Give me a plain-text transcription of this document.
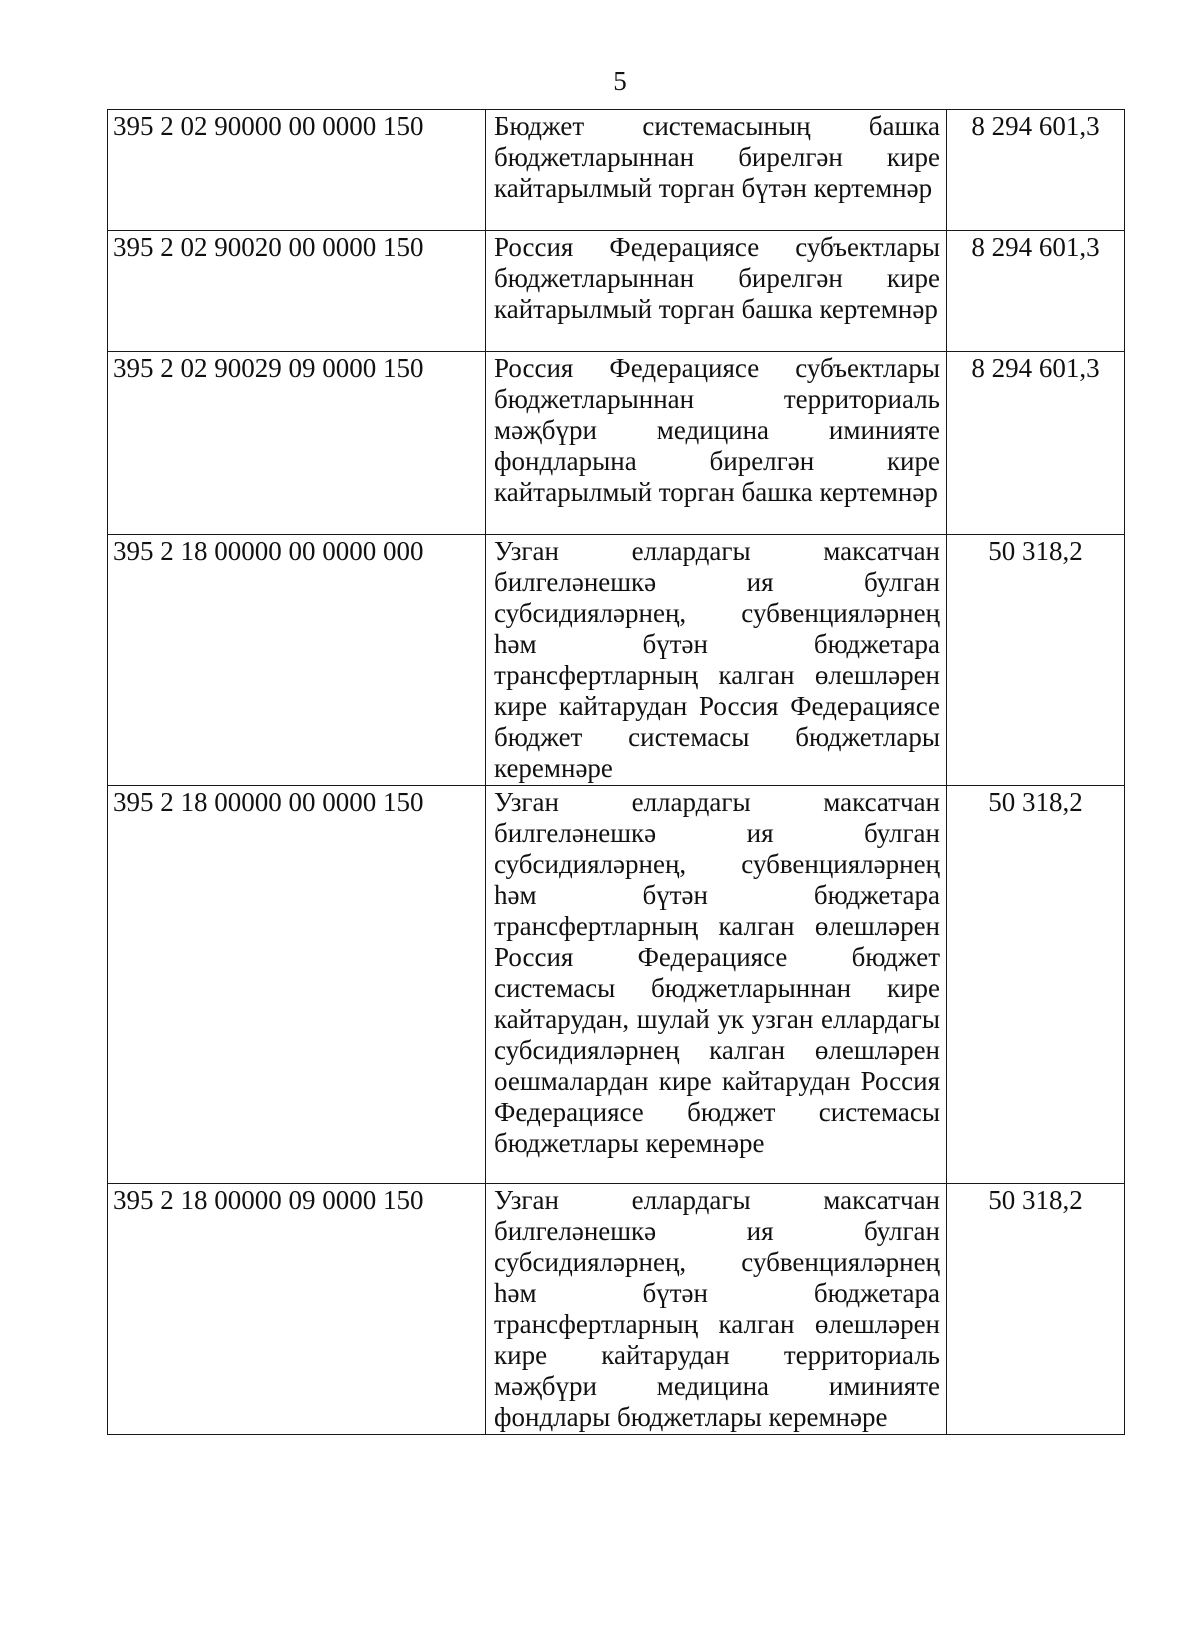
5
395 2 02 90000 00 0000 150	Бюджет системасының башка бюджетларыннан бирелгән кире кайтарылмый торган бүтән кертемнәр	8 294 601,3
395 2 02 90020 00 0000 150	Россия Федерациясе субъектлары бюджетларыннан бирелгән кире кайтарылмый торган башка кертемнәр	8 294 601,3
395 2 02 90029 09 0000 150	Россия Федерациясе субъектлары бюджетларыннан территориаль мәҗбүри медицина иминияте фондларына бирелгән кире кайтарылмый торган башка кертемнәр	8 294 601,3
395 2 18 00000 00 0000 000	Узган еллардагы максатчан билгеләнешкә ия булган субсидияләрнең, субвенцияләрнең һәм бүтән бюджетара трансфертларның калган өлешләрен кире кайтарудан Россия Федерациясе бюджет системасы бюджетлары керемнәре	50 318,2
395 2 18 00000 00 0000 150	Узган еллардагы максатчан билгеләнешкә ия булган субсидияләрнең, субвенцияләрнең һәм бүтән бюджетара трансфертларның калган өлешләрен Россия Федерациясе бюджет системасы бюджетларыннан кире кайтарудан, шулай ук узган еллардагы субсидияләрнең калган өлешләрен оешмалардан кире кайтарудан Россия Федерациясе бюджет системасы бюджетлары керемнәре	50 318,2
395 2 18 00000 09 0000 150	Узган еллардагы максатчан билгеләнешкә ия булган субсидияләрнең, субвенцияләрнең һәм бүтән бюджетара трансфертларның калган өлешләрен кире кайтарудан территориаль мәҗбүри медицина иминияте фондлары бюджетлары керемнәре	50 318,2
